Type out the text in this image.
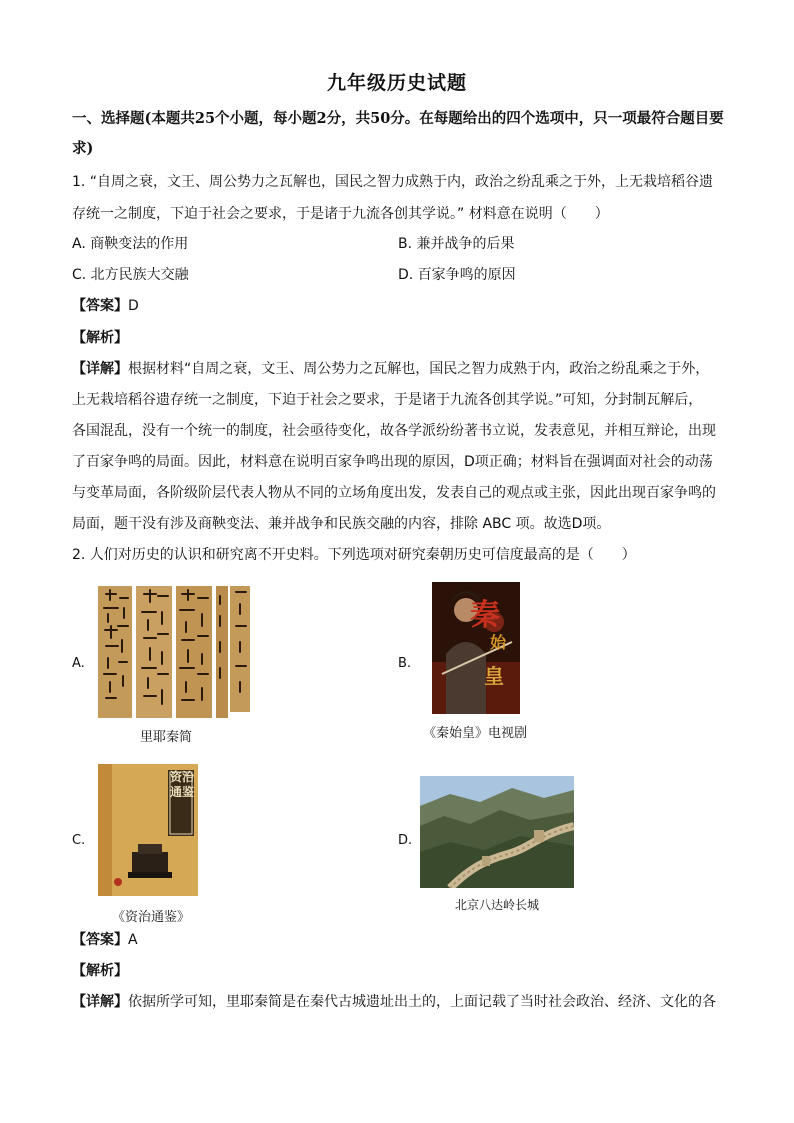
九年级历史试题
一、选择题(本题共25个小题，每小题2分，共50分。在每题给出的四个选项中，只一项最符合题目要求)
1. “自周之衰，文王、周公势力之瓦解也，国民之智力成熟于内，政治之纷乱乘之于外，上无栽培稻谷遗
存统一之制度，下迫于社会之要求，于是诸于九流各创其学说。” 材料意在说明（　　）
A. 商鞅变法的作用	B. 兼并战争的后果
C. 北方民族大交融	D. 百家争鸣的原因
【答案】D
【解析】
【详解】根据材料“自周之衰，文王、周公势力之瓦解也，国民之智力成熟于内，政治之纷乱乘之于外，
上无栽培稻谷遗存统一之制度，下迫于社会之要求，于是诸于九流各创其学说。”可知，分封制瓦解后，
各国混乱，没有一个统一的制度，社会亟待变化，故各学派纷纷著书立说，发表意见，并相互辩论，出现
了百家争鸣的局面。因此，材料意在说明百家争鸣出现的原因，D项正确；材料旨在强调面对社会的动荡
与变革局面，各阶级阶层代表人物从不同的立场角度出发，发表自己的观点或主张，因此出现百家争鸣的
局面，题干没有涉及商鞅变法、兼并战争和民族交融的内容，排除 ABC 项。故选D项。
2. 人们对历史的认识和研究离不开史料。下列选项对研究秦朝历史可信度最高的是（　　）
A.
里耶秦简
B.
秦
始
皇
《秦始皇》电视剧
C.
资治通鉴
《资治通鉴》
D.
北京八达岭长城
【答案】A
【解析】
【详解】依据所学可知，里耶秦简是在秦代古城遗址出土的，上面记载了当时社会政治、经济、文化的各
